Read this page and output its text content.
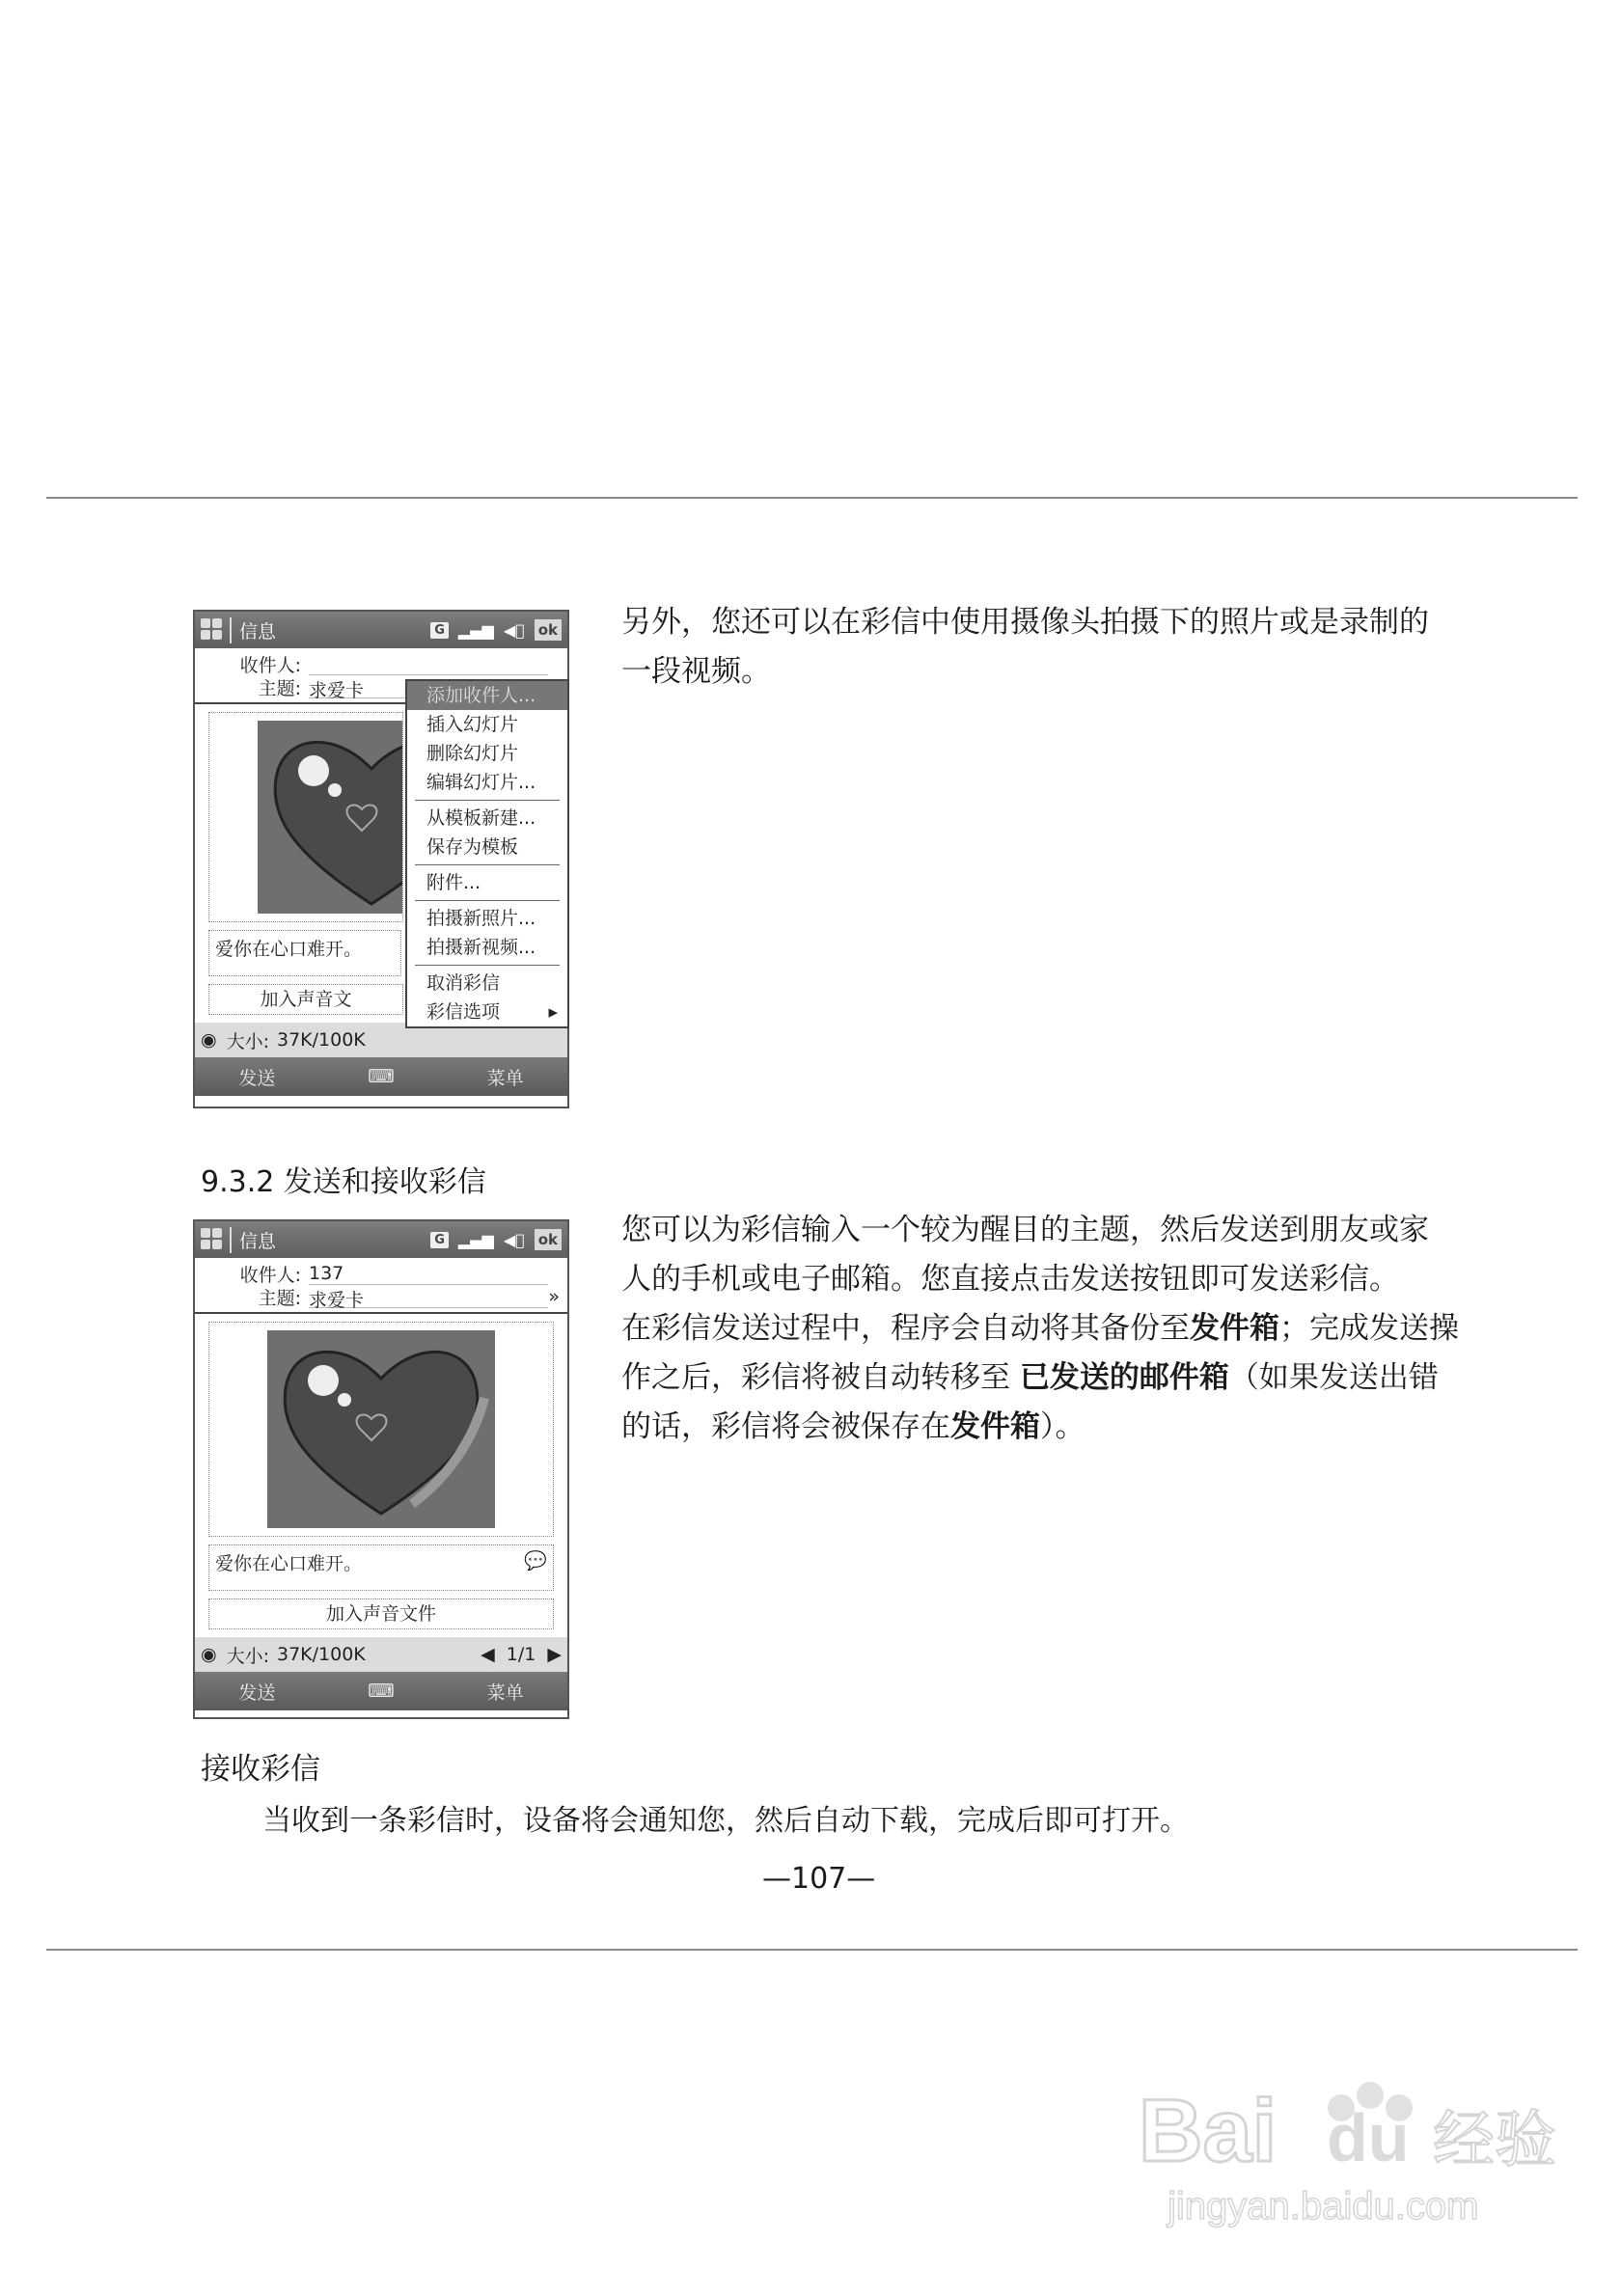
信息	G ▂▄▆ ◀ﾟ ok
收件人:
主题: 求爱卡
爱你在心口难开。
加入声音文
◉ 大小: 37K/100K
发送	⌨	菜单
添加收件人...
插入幻灯片
删除幻灯片
编辑幻灯片...
从模板新建...
保存为模板
附件...
拍摄新照片...
拍摄新视频...
取消彩信
彩信选项	▸
另外，您还可以在彩信中使用摄像头拍摄下的照片或是录制的
一段视频。
9.3.2 发送和接收彩信
信息	G ▂▄▆ ◀ﾟ ok
收件人: 137
主题: 求爱卡	»
爱你在心口难开。	💬
加入声音文件
◉ 大小: 37K/100K	◀ 1/1 ▶
发送	⌨	菜单
您可以为彩信输入一个较为醒目的主题，然后发送到朋友或家
人的手机或电子邮箱。您直接点击发送按钮即可发送彩信。
在彩信发送过程中，程序会自动将其备份至发件箱；完成发送操
作之后，彩信将被自动转移至 已发送的邮件箱（如果发送出错
的话，彩信将会被保存在发件箱）。
接收彩信
当收到一条彩信时，设备将会通知您，然后自动下载，完成后即可打开。
—107—
Bai du 经验
jingyan.baidu.com
